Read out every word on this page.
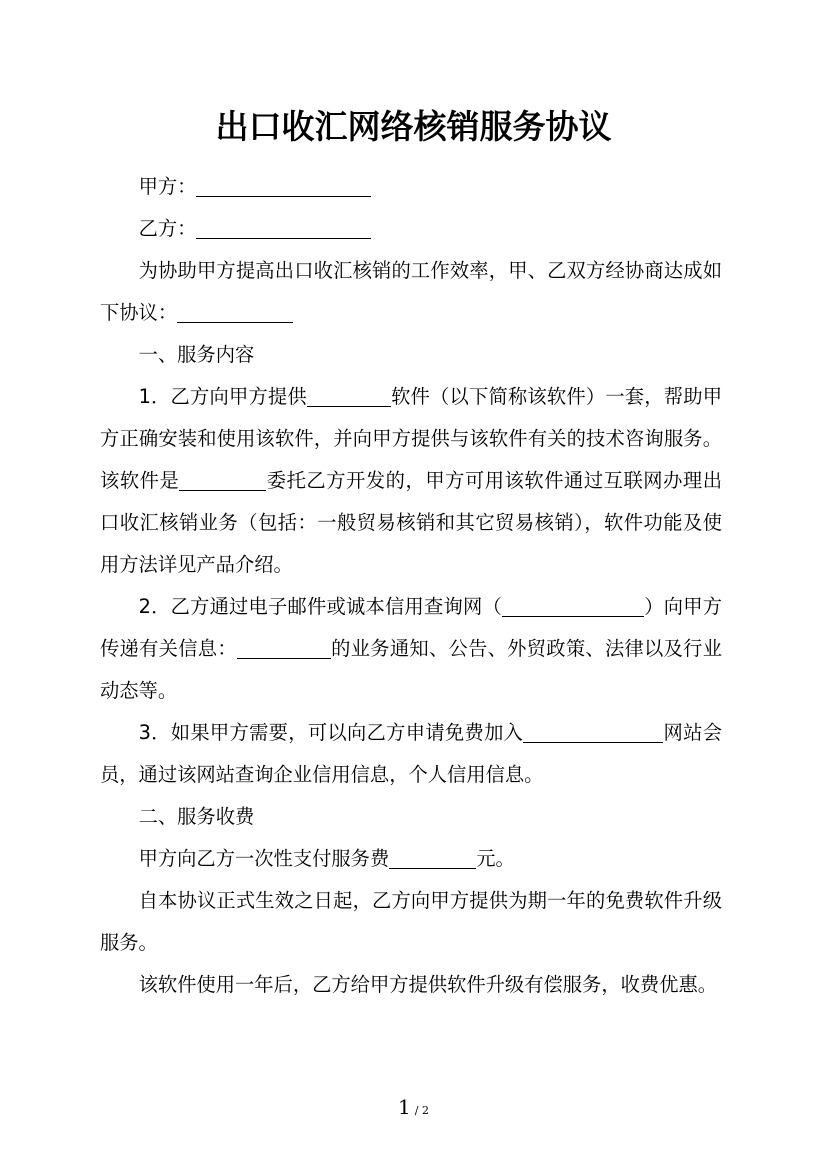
出口收汇网络核销服务协议
甲方：
乙方：
为协助甲方提高出口收汇核销的工作效率，甲、乙双方经协商达成如
下协议：
一、服务内容
1．乙方向甲方提供	软件（以下简称该软件）一套，帮助甲
方正确安装和使用该软件，并向甲方提供与该软件有关的技术咨询服务。
该软件是	委托乙方开发的，甲方可用该软件通过互联网办理出
口收汇核销业务（包括：一般贸易核销和其它贸易核销），软件功能及使
用方法详见产品介绍。
2．乙方通过电子邮件或诚本信用查询网（	）向甲方
传递有关信息：	的业务通知、公告、外贸政策、法律以及行业
动态等。
3．如果甲方需要，可以向乙方申请免费加入	网站会
员，通过该网站查询企业信用信息，个人信用信息。
二、服务收费
甲方向乙方一次性支付服务费	元。
自本协议正式生效之日起，乙方向甲方提供为期一年的免费软件升级
服务。
该软件使用一年后，乙方给甲方提供软件升级有偿服务，收费优惠。
1 / 2
